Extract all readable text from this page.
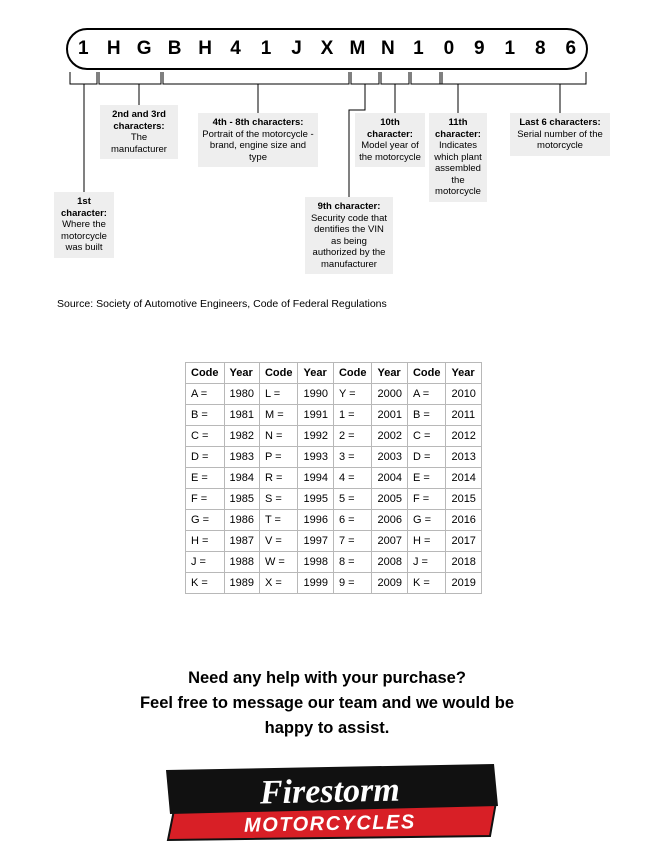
1 H G B H 4	1	J X M N 1	0	9	1	8	6
1st character:
Where the motorcycle was built
2nd and 3rd characters:
The manufacturer
4th - 8th characters:
Portrait of the motorcycle - brand, engine size and type
9th character:
Security code that dentifies the VIN as being authorized by the manufacturer
10th character:
Model year of the motorcycle
11th character:
Indicates which plant assembled the motorcycle
Last 6 characters:
Serial number of the motorcycle
Source: Society of Automotive Engineers, Code of Federal Regulations
Code	Year	Code	Year	Code	Year	Code	Year
A =	1980	L =	1990	Y =	2000	A =	2010
B =	1981	M =	1991	1 =	2001	B =	2011
C =	1982	N =	1992	2 =	2002	C =	2012
D =	1983	P =	1993	3 =	2003	D =	2013
E =	1984	R =	1994	4 =	2004	E =	2014
F =	1985	S =	1995	5 =	2005	F =	2015
G =	1986	T =	1996	6 =	2006	G =	2016
H =	1987	V =	1997	7 =	2007	H =	2017
J =	1988	W =	1998	8 =	2008	J =	2018
K =	1989	X =	1999	9 =	2009	K =	2019
Need any help with your purchase?
Feel free to message our team and we would be
happy to assist.
Firestorm
MOTORCYCLES
